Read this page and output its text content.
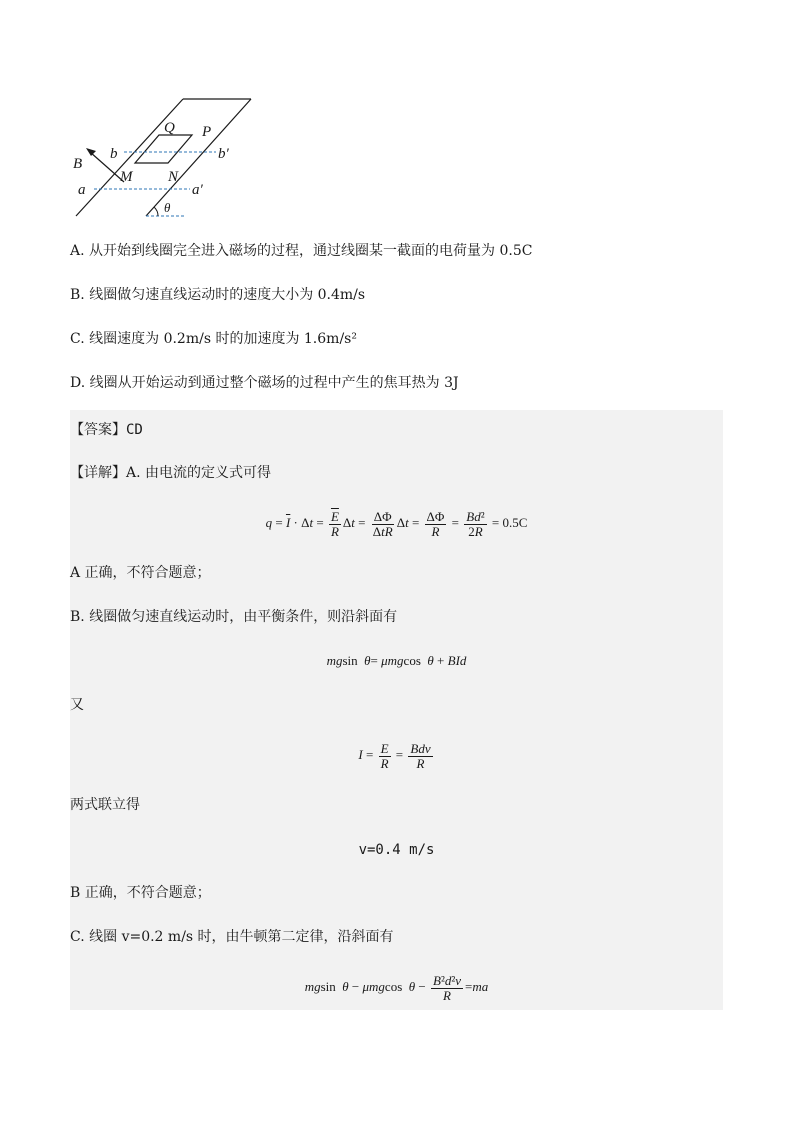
Q P
b	b′
B
M N
a	a′
θ
A. 从开始到线圈完全进入磁场的过程，通过线圈某一截面的电荷量为 0.5C
B. 线圈做匀速直线运动时的速度大小为 0.4m/s
C. 线圈速度为 0.2m/s 时的加速度为 1.6m/s²
D. 线圈从开始运动到通过整个磁场的过程中产生的焦耳热为 3J
【答案】CD
【详解】A. 由电流的定义式可得
$q = \overline{I} \cdot \Delta t = \frac{\overline{E}}{R}$ $\Delta t = \frac{\Delta\Phi}{\text{ΔtR}}$ $\Delta t = \frac{\Delta\Phi}{R} = \frac{\text{Bd²}}{2R} = 0.5C$
A 正确，不符合题意；
B. 线圈做匀速直线运动时，由平衡条件，则沿斜面有
mgsin  θ= μmgcos  θ + BId
又
$I = \frac{E}{R} = \frac{\text{Bdv}}{R}$
两式联立得
v=0.4 m/s
B 正确，不符合题意；
C. 线圈 v=0.2 m/s 时，由牛顿第二定律，沿斜面有
mgsin  θ − μmgcos  $\theta - \frac{\text{B²d²v}}{R} =ma$
